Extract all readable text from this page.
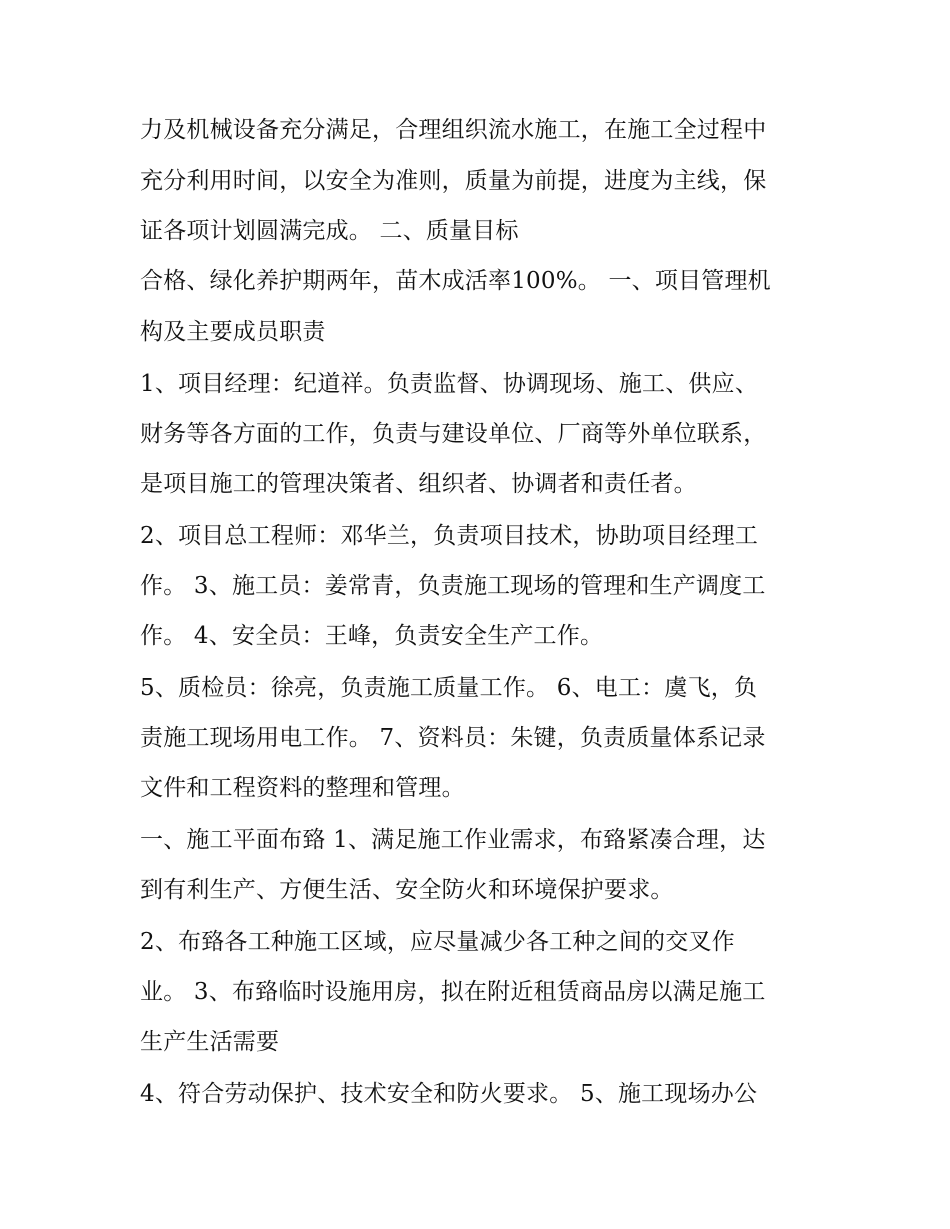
力及机械设备充分满足，合理组织流水施工，在施工全过程中
充分利用时间，以安全为准则，质量为前提，进度为主线，保
证各项计划圆满完成。 二、质量目标
合格、绿化养护期两年，苗木成活率100%。 一、项目管理机
构及主要成员职责
1、项目经理：纪道祥。负责监督、协调现场、施工、供应、
财务等各方面的工作，负责与建设单位、厂商等外单位联系，
是项目施工的管理决策者、组织者、协调者和责任者。
2、项目总工程师：邓华兰，负责项目技术，协助项目经理工
作。 3、施工员：姜常青，负责施工现场的管理和生产调度工
作。 4、安全员：王峰，负责安全生产工作。
5、质检员：徐亮，负责施工质量工作。 6、电工：虞飞，负
责施工现场用电工作。 7、资料员：朱键，负责质量体系记录
文件和工程资料的整理和管理。
一、施工平面布臵 1、满足施工作业需求，布臵紧凑合理，达
到有利生产、方便生活、安全防火和环境保护要求。
2、布臵各工种施工区域，应尽量减少各工种之间的交叉作
业。 3、布臵临时设施用房，拟在附近租赁商品房以满足施工
生产生活需要
4、符合劳动保护、技术安全和防火要求。 5、施工现场办公
